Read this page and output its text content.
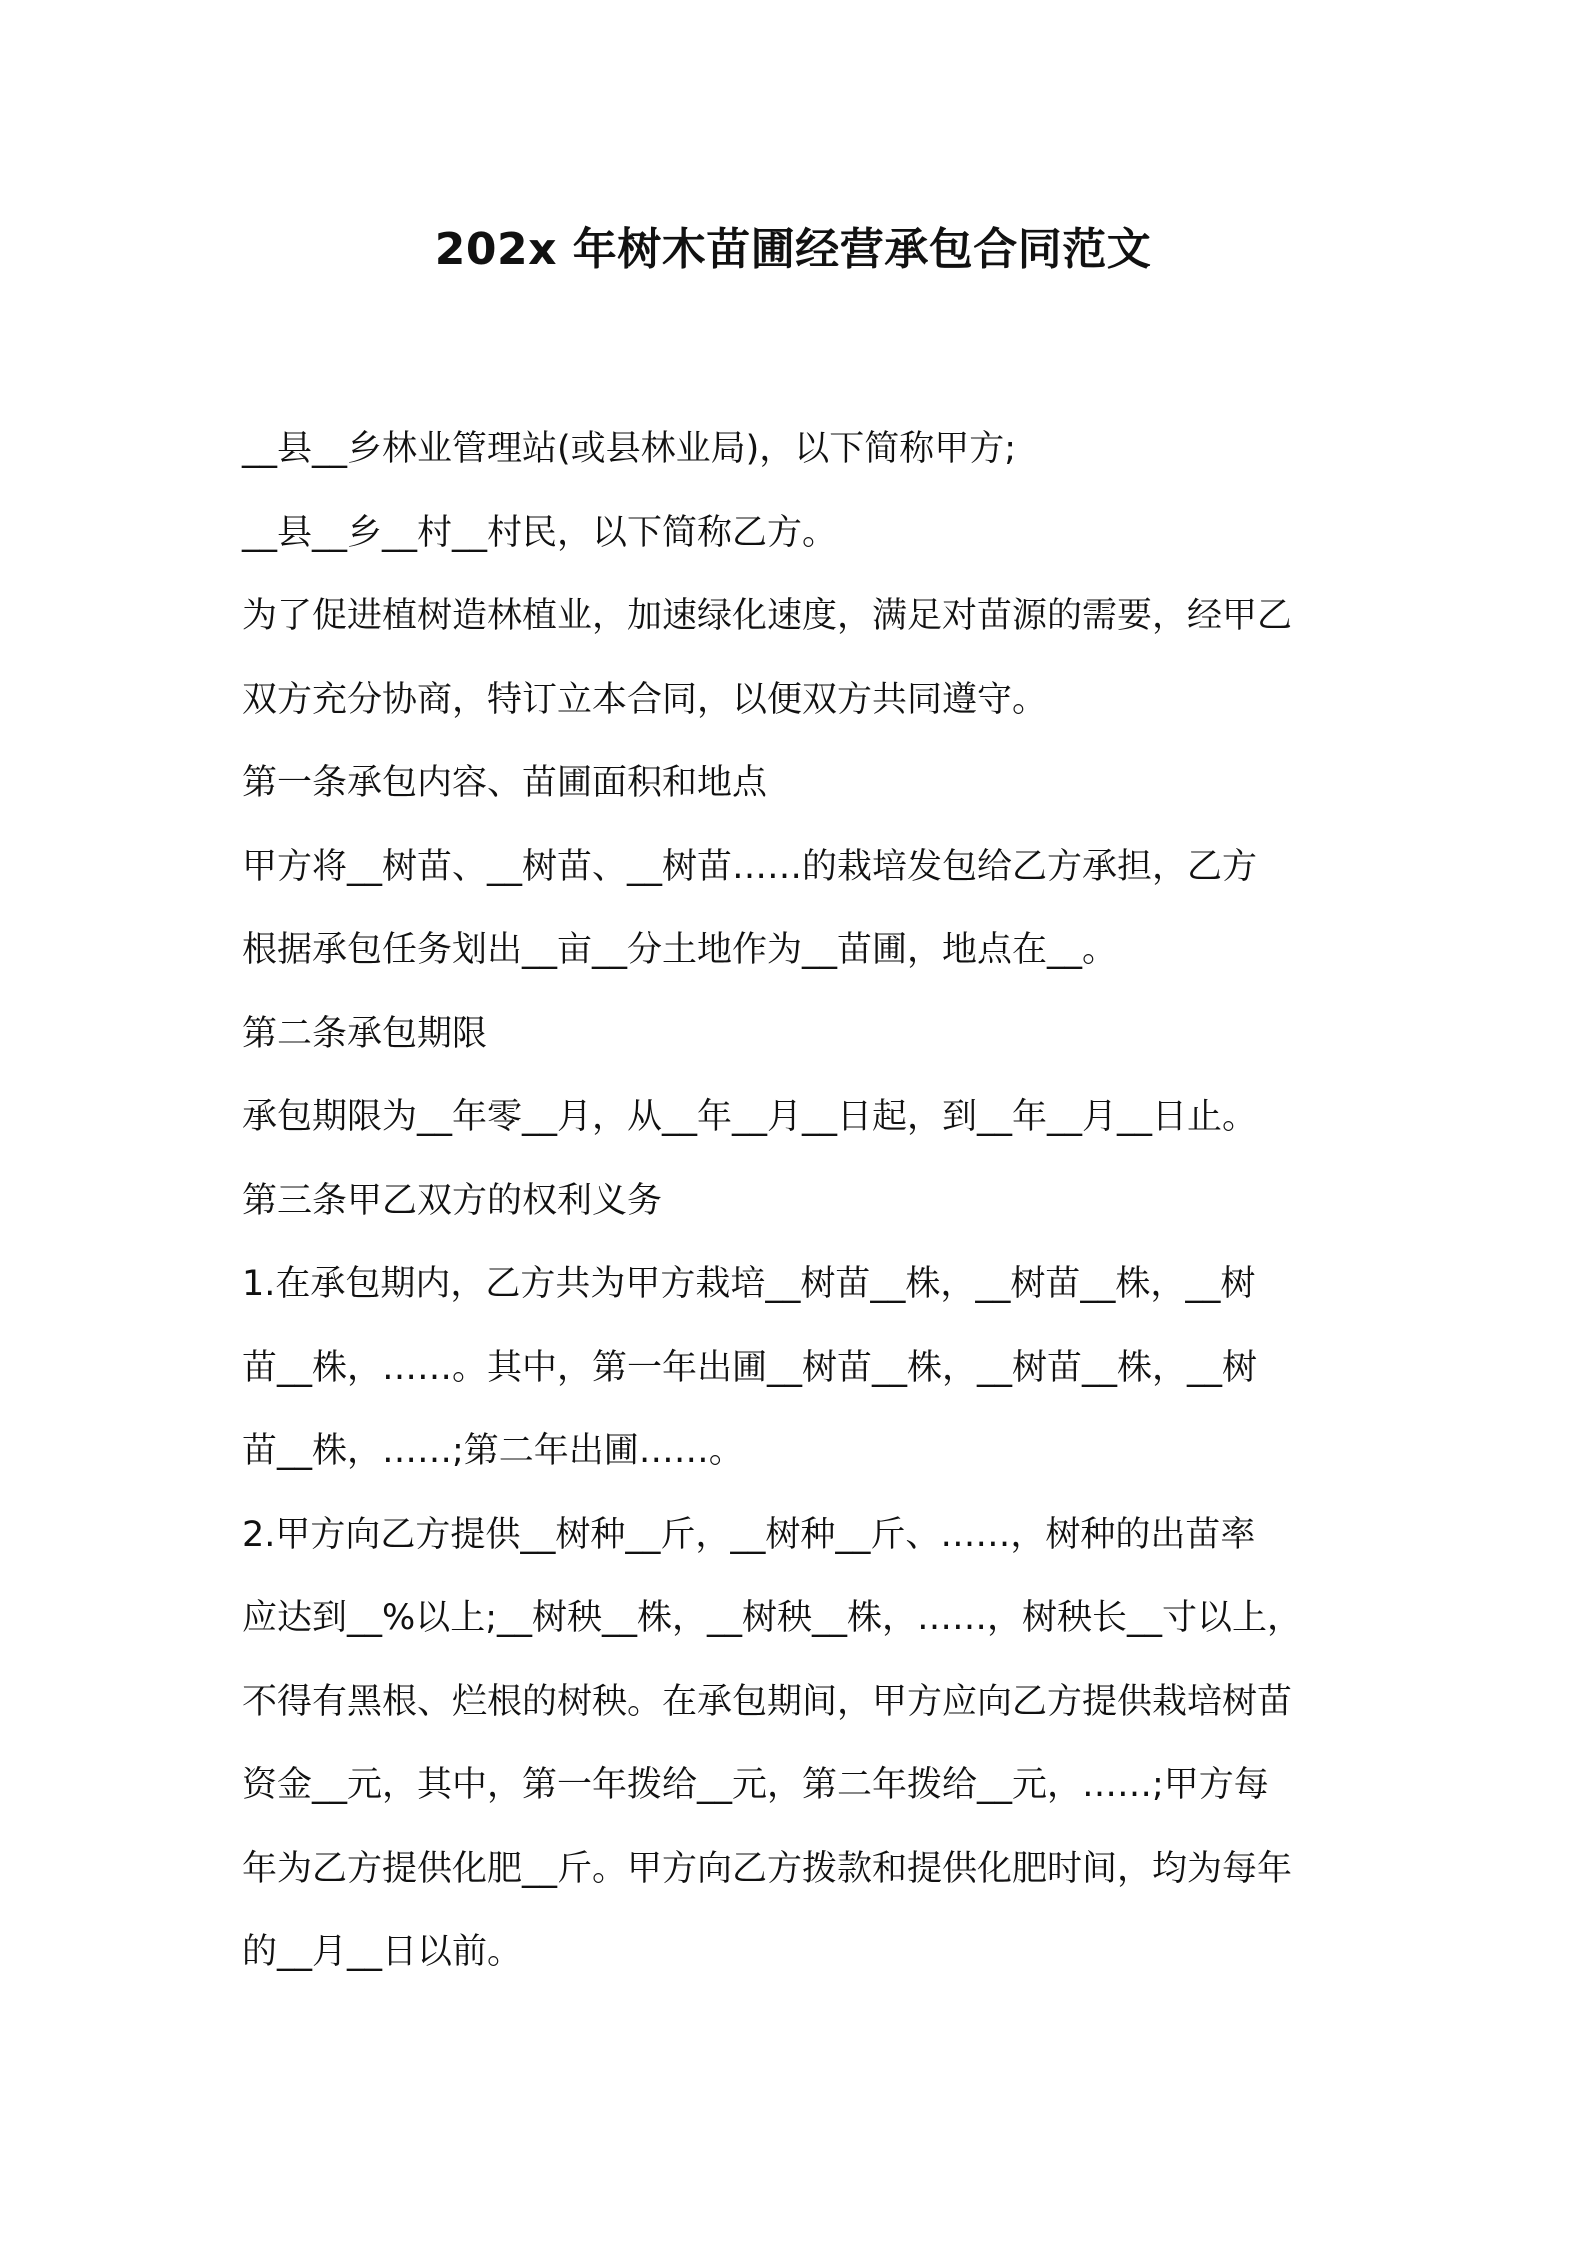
202x 年树木苗圃经营承包合同范文
__县__乡林业管理站(或县林业局)，以下简称甲方;
__县__乡__村__村民，以下简称乙方。
为了促进植树造林植业，加速绿化速度，满足对苗源的需要，经甲乙
双方充分协商，特订立本合同，以便双方共同遵守。
第一条承包内容、苗圃面积和地点
甲方将__树苗、__树苗、__树苗……的栽培发包给乙方承担，乙方
根据承包任务划出__亩__分土地作为__苗圃，地点在__。
第二条承包期限
承包期限为__年零__月，从__年__月__日起，到__年__月__日止。
第三条甲乙双方的权利义务
1.在承包期内，乙方共为甲方栽培__树苗__株，__树苗__株，__树
苗__株，……。其中，第一年出圃__树苗__株，__树苗__株，__树
苗__株，……;第二年出圃……。
2.甲方向乙方提供__树种__斤，__树种__斤、……，树种的出苗率
应达到__%以上;__树秧__株，__树秧__株，……，树秧长__寸以上，
不得有黑根、烂根的树秧。在承包期间，甲方应向乙方提供栽培树苗
资金__元，其中，第一年拨给__元，第二年拨给__元，……;甲方每
年为乙方提供化肥__斤。甲方向乙方拨款和提供化肥时间，均为每年
的__月__日以前。
